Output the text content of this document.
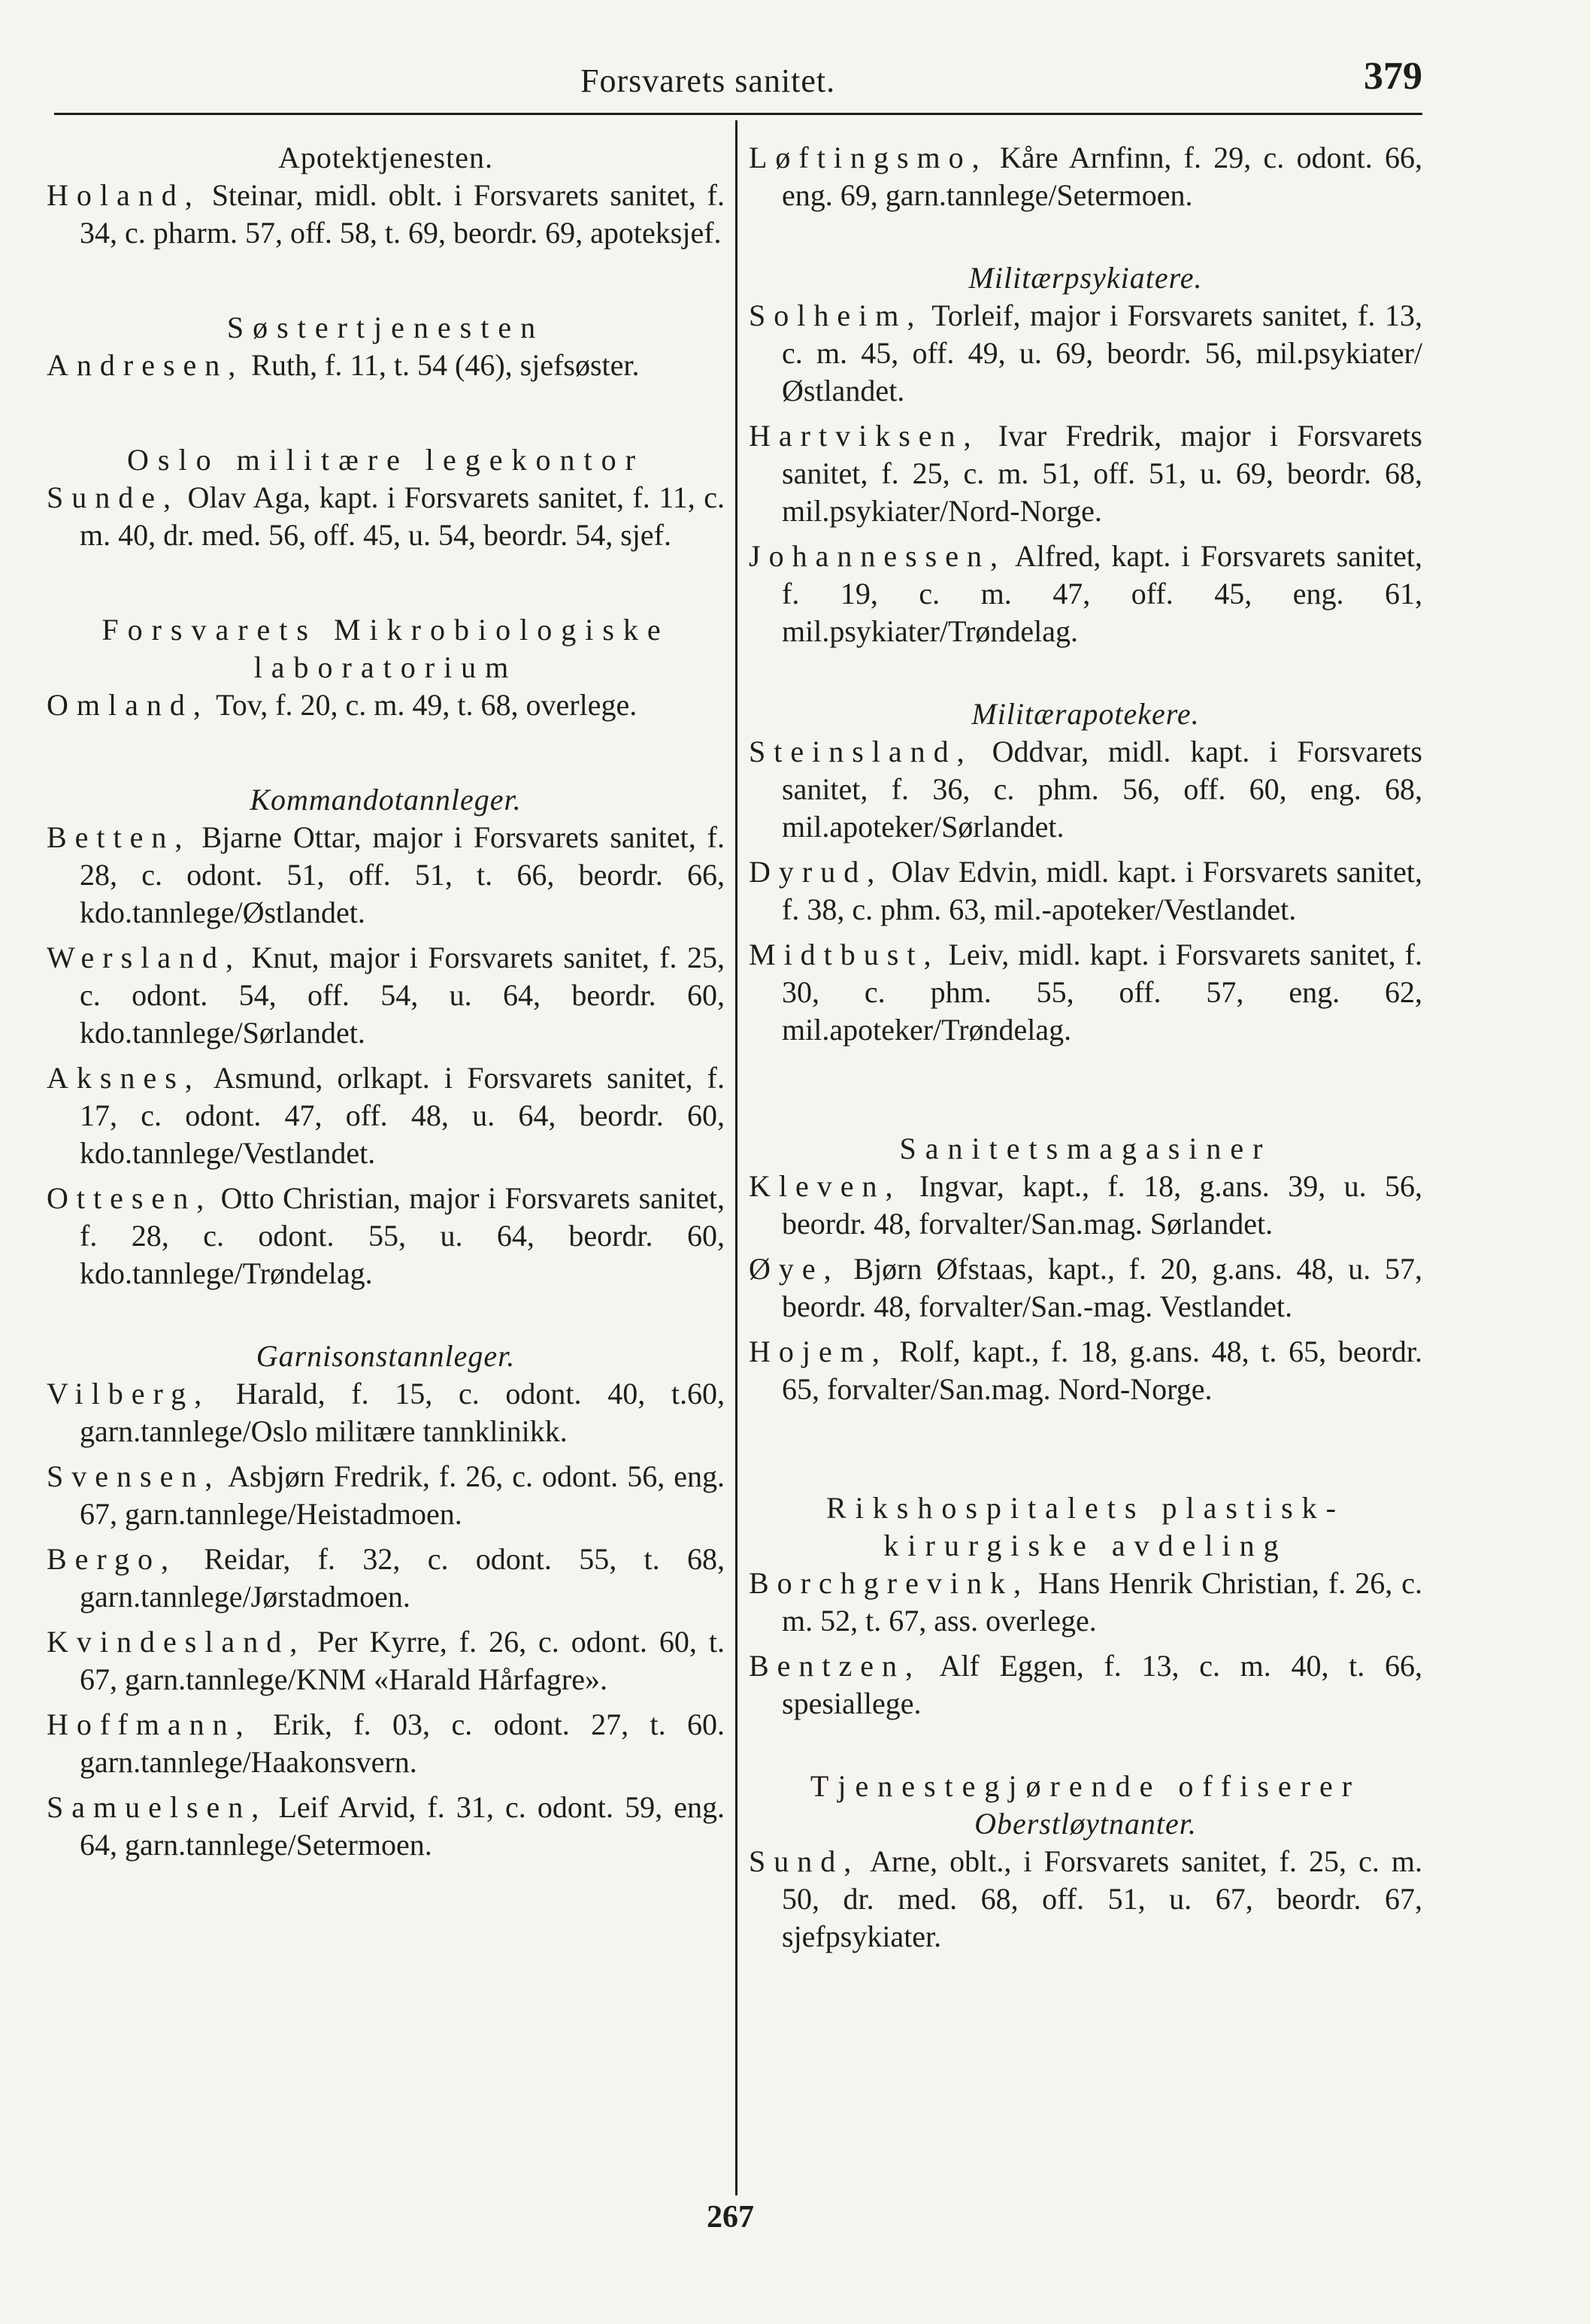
Forsvarets sanitet.	379

Apotektjenesten.

Holand, Steinar, midl. oblt. i Forsvarets sanitet, f. 34, c. pharm. 57, off. 58, t. 69, beordr. 69, apoteksjef.

Søstertjenesten

Andresen, Ruth, f. 11, t. 54 (46), sjefsøster.

Oslo militære legekontor

Sunde, Olav Aga, kapt. i Forsvarets sanitet, f. 11, c. m. 40, dr. med. 56, off. 45, u. 54, beordr. 54, sjef.

Forsvarets Mikrobiologiske

laboratorium

Omland, Tov, f. 20, c. m. 49, t. 68, overlege.

Kommandotannleger.

Betten, Bjarne Ottar, major i Forsvarets sanitet, f. 28, c. odont. 51, off. 51, t. 66, beordr. 66, kdo.tannlege/Østlandet.

Wersland, Knut, major i Forsvarets sanitet, f. 25, c. odont. 54, off. 54, u. 64, beordr. 60, kdo.tannlege/Sørlandet.

Aksnes, Asmund, orlkapt. i Forsvarets sanitet, f. 17, c. odont. 47, off. 48, u. 64, beordr. 60, kdo.tannlege/Vestlandet.

Ottesen, Otto Christian, major i Forsvarets sanitet, f. 28, c. odont. 55, u. 64, beordr. 60, kdo.tannlege/Trøndelag.

Garnisonstannleger.

Vilberg, Harald, f. 15, c. odont. 40, t.60, garn.tannlege/Oslo militære tannklinikk.

Svensen, Asbjørn Fredrik, f. 26, c. odont. 56, eng. 67, garn.tannlege/Heistadmoen.

Bergo, Reidar, f. 32, c. odont. 55, t. 68, garn.tannlege/Jørstadmoen.

Kvindesland, Per Kyrre, f. 26, c. odont. 60, t. 67, garn.tannlege/KNM «Harald Hårfagre».

Hoffmann, Erik, f. 03, c. odont. 27, t. 60. garn.tannlege/Haakonsvern.

Samuelsen, Leif Arvid, f. 31, c. odont. 59, eng. 64, garn.tannlege/Setermoen.

Løftingsmo, Kåre Arnfinn, f. 29, c. odont. 66, eng. 69, garn.tannlege/Setermoen.

Militærpsykiatere.

Solheim, Torleif, major i Forsvarets sanitet, f. 13, c. m. 45, off. 49, u. 69, beordr. 56, mil.psykiater/Østlandet.

Hartviksen, Ivar Fredrik, major i Forsvarets sanitet, f. 25, c. m. 51, off. 51, u. 69, beordr. 68, mil.psykiater/Nord-Norge.

Johannessen, Alfred, kapt. i Forsvarets sanitet, f. 19, c. m. 47, off. 45, eng. 61, mil.psykiater/Trøndelag.

Militærapotekere.

Steinsland, Oddvar, midl. kapt. i Forsvarets sanitet, f. 36, c. phm. 56, off. 60, eng. 68, mil.apoteker/Sørlandet.

Dyrud, Olav Edvin, midl. kapt. i Forsvarets sanitet, f. 38, c. phm. 63, mil.-apoteker/Vestlandet.

Midtbust, Leiv, midl. kapt. i Forsvarets sanitet, f. 30, c. phm. 55, off. 57, eng. 62, mil.apoteker/Trøndelag.

Sanitetsmagasiner

Kleven, Ingvar, kapt., f. 18, g.ans. 39, u. 56, beordr. 48, forvalter/San.mag. Sørlandet.

Øye, Bjørn Øfstaas, kapt., f. 20, g.ans. 48, u. 57, beordr. 48, forvalter/San.-mag. Vestlandet.

Hojem, Rolf, kapt., f. 18, g.ans. 48, t. 65, beordr. 65, forvalter/San.mag. Nord-Norge.

Rikshospitalets plastisk-

kirurgiske avdeling

Borchgrevink, Hans Henrik Christian, f. 26, c. m. 52, t. 67, ass. overlege.

Bentzen, Alf Eggen, f. 13, c. m. 40, t. 66, spesiallege.

Tjenestegjørende offiserer

Oberstløytnanter.

Sund, Arne, oblt., i Forsvarets sanitet, f. 25, c. m. 50, dr. med. 68, off. 51, u. 67, beordr. 67, sjefpsykiater.

267
